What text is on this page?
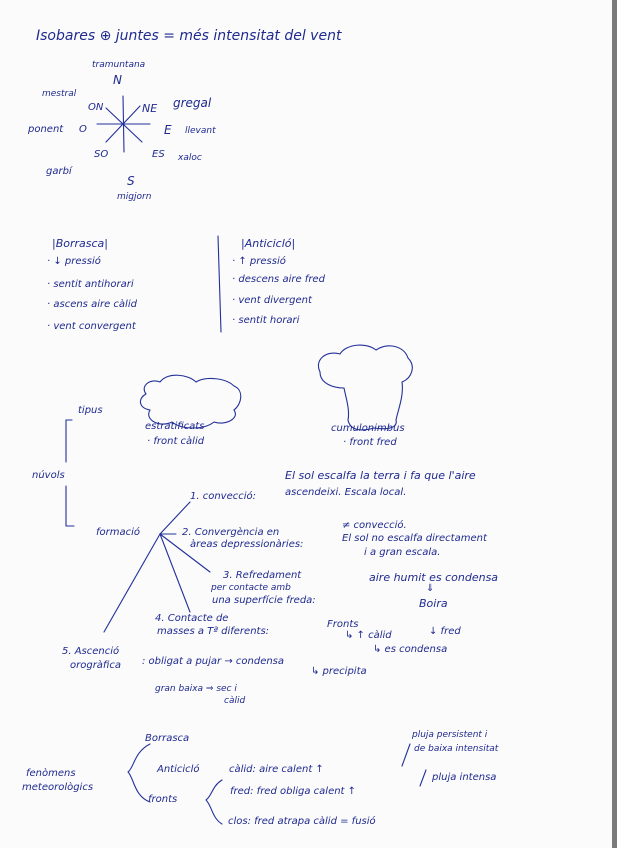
Isobares ⊕ juntes = més intensitat del vent
tramuntana
N
mestral
ON	NE gregal
ponent O	E llevant
SO	ES xaloc
garbí
S
migjorn
|Borrasca|
· ↓ pressió
· sentit antihorari
· ascens aire càlid
· vent convergent
|Anticicló|
· ↑ pressió
· descens aire fred
· vent divergent
· sentit horari
tipus
núvols
estratificats
· front càlid
cumulonimbus
· front fred
formació
1. convecció:
El sol escalfa la terra i fa que l'aire
ascendeixi. Escala local.
2. Convergència en
àreas depressionàries:
≠ convecció.
El sol no escalfa directament
i a gran escala.
3. Refredament
per contacte amb
una superfície freda:
aire humit es condensa
⇓
Boira
4. Contacte de
masses a Tª diferents:
Fronts
↳ ↑ càlid	↓ fred
↳ es condensa
5. Ascenció
orogràfica : obligat a pujar → condensa
↳ precipita
gran baixa ⇒ sec i
càlid
fenòmens
meteorològics
Borrasca
Anticicló
fronts
càlid: aire calent ↑
pluja persistent i
de baixa intensitat
fred: fred obliga calent ↑
pluja intensa
clos: fred atrapa càlid = fusió
